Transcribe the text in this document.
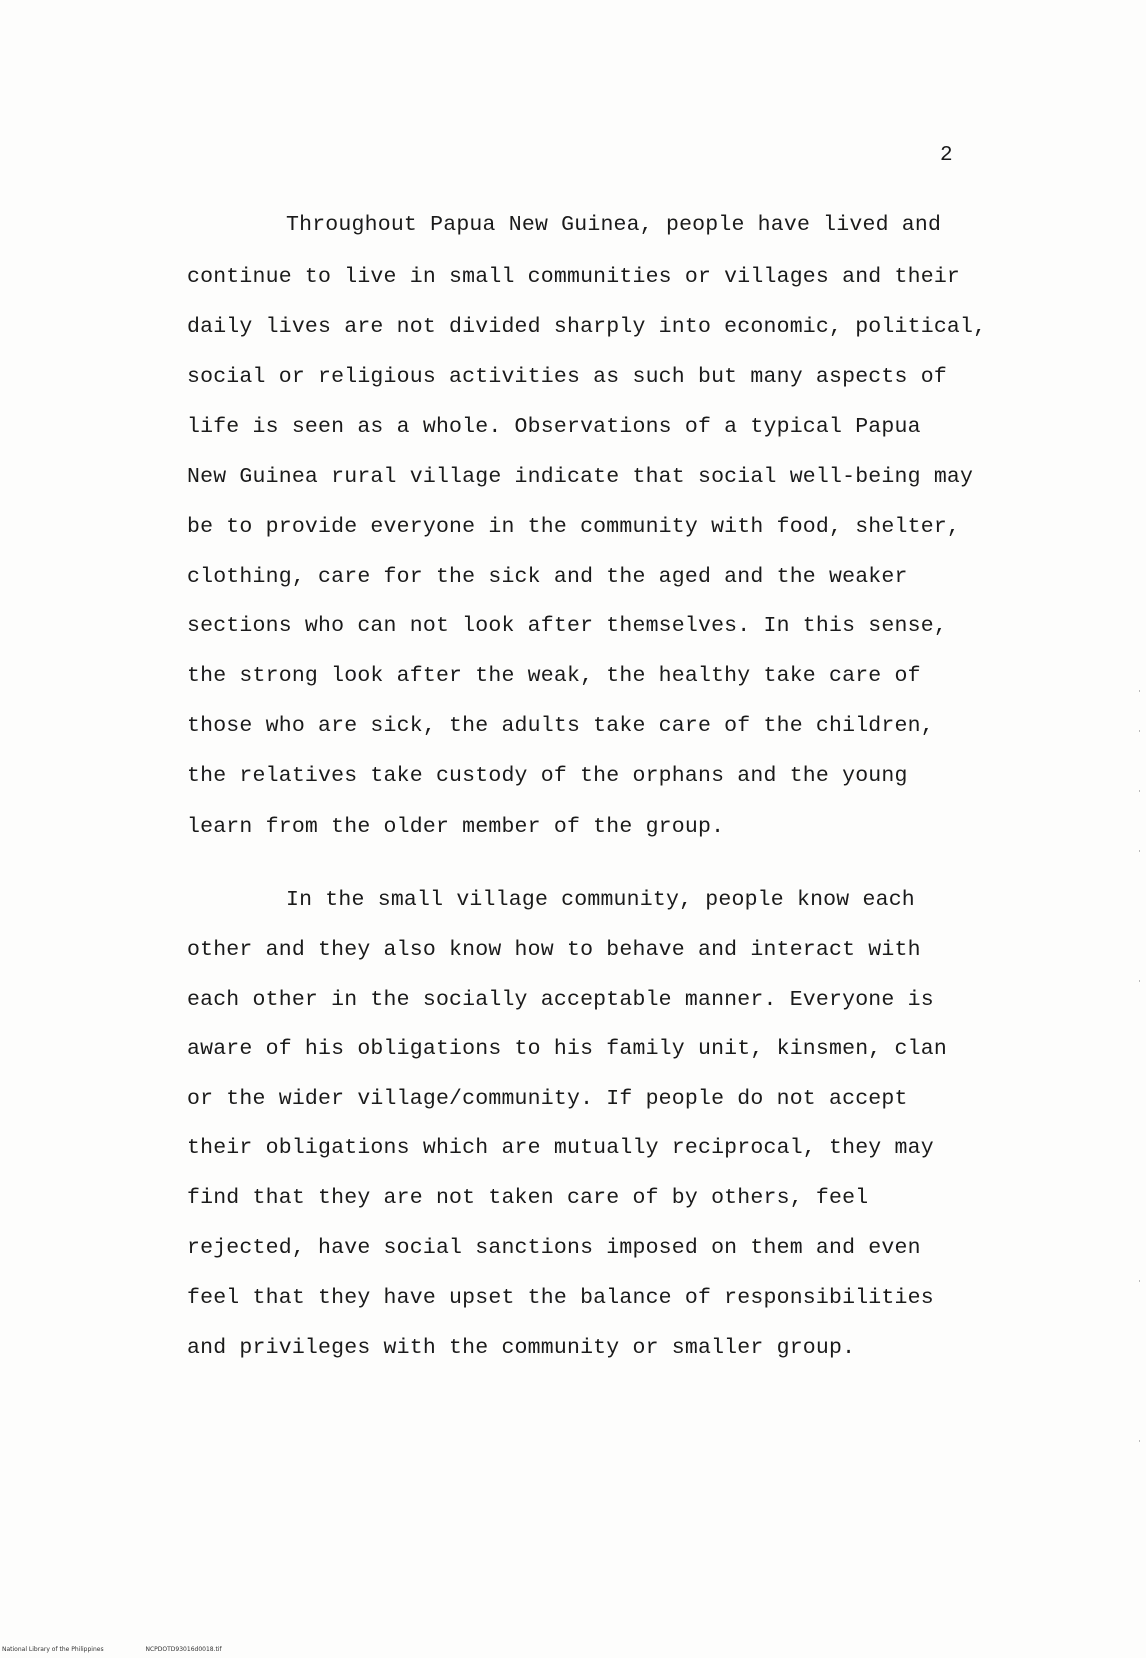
2
Throughout Papua New Guinea, people have lived and
continue to live in small communities or villages and their
daily lives are not divided sharply into economic, political,
social or religious activities as such but many aspects of
life is seen as a whole. Observations of a typical Papua
New Guinea rural village indicate that social well-being may
be to provide everyone in the community with food, shelter,
clothing, care for the sick and the aged and the weaker
sections who can not look after themselves. In this sense,
the strong look after the weak, the healthy take care of
those who are sick, the adults take care of the children,
the relatives take custody of the orphans and the young
learn from the older member of the group.
In the small village community, people know each
other and they also know how to behave and interact with
each other in the socially acceptable manner. Everyone is
aware of his obligations to his family unit, kinsmen, clan
or the wider village/community. If people do not accept
their obligations which are mutually reciprocal, they may
find that they are not taken care of by others, feel
rejected, have social sanctions imposed on them and even
feel that they have upset the balance of responsibilities
and privileges with the community or smaller group.
National Library of the Philippines	NCPDOTD93016d0018.tif
